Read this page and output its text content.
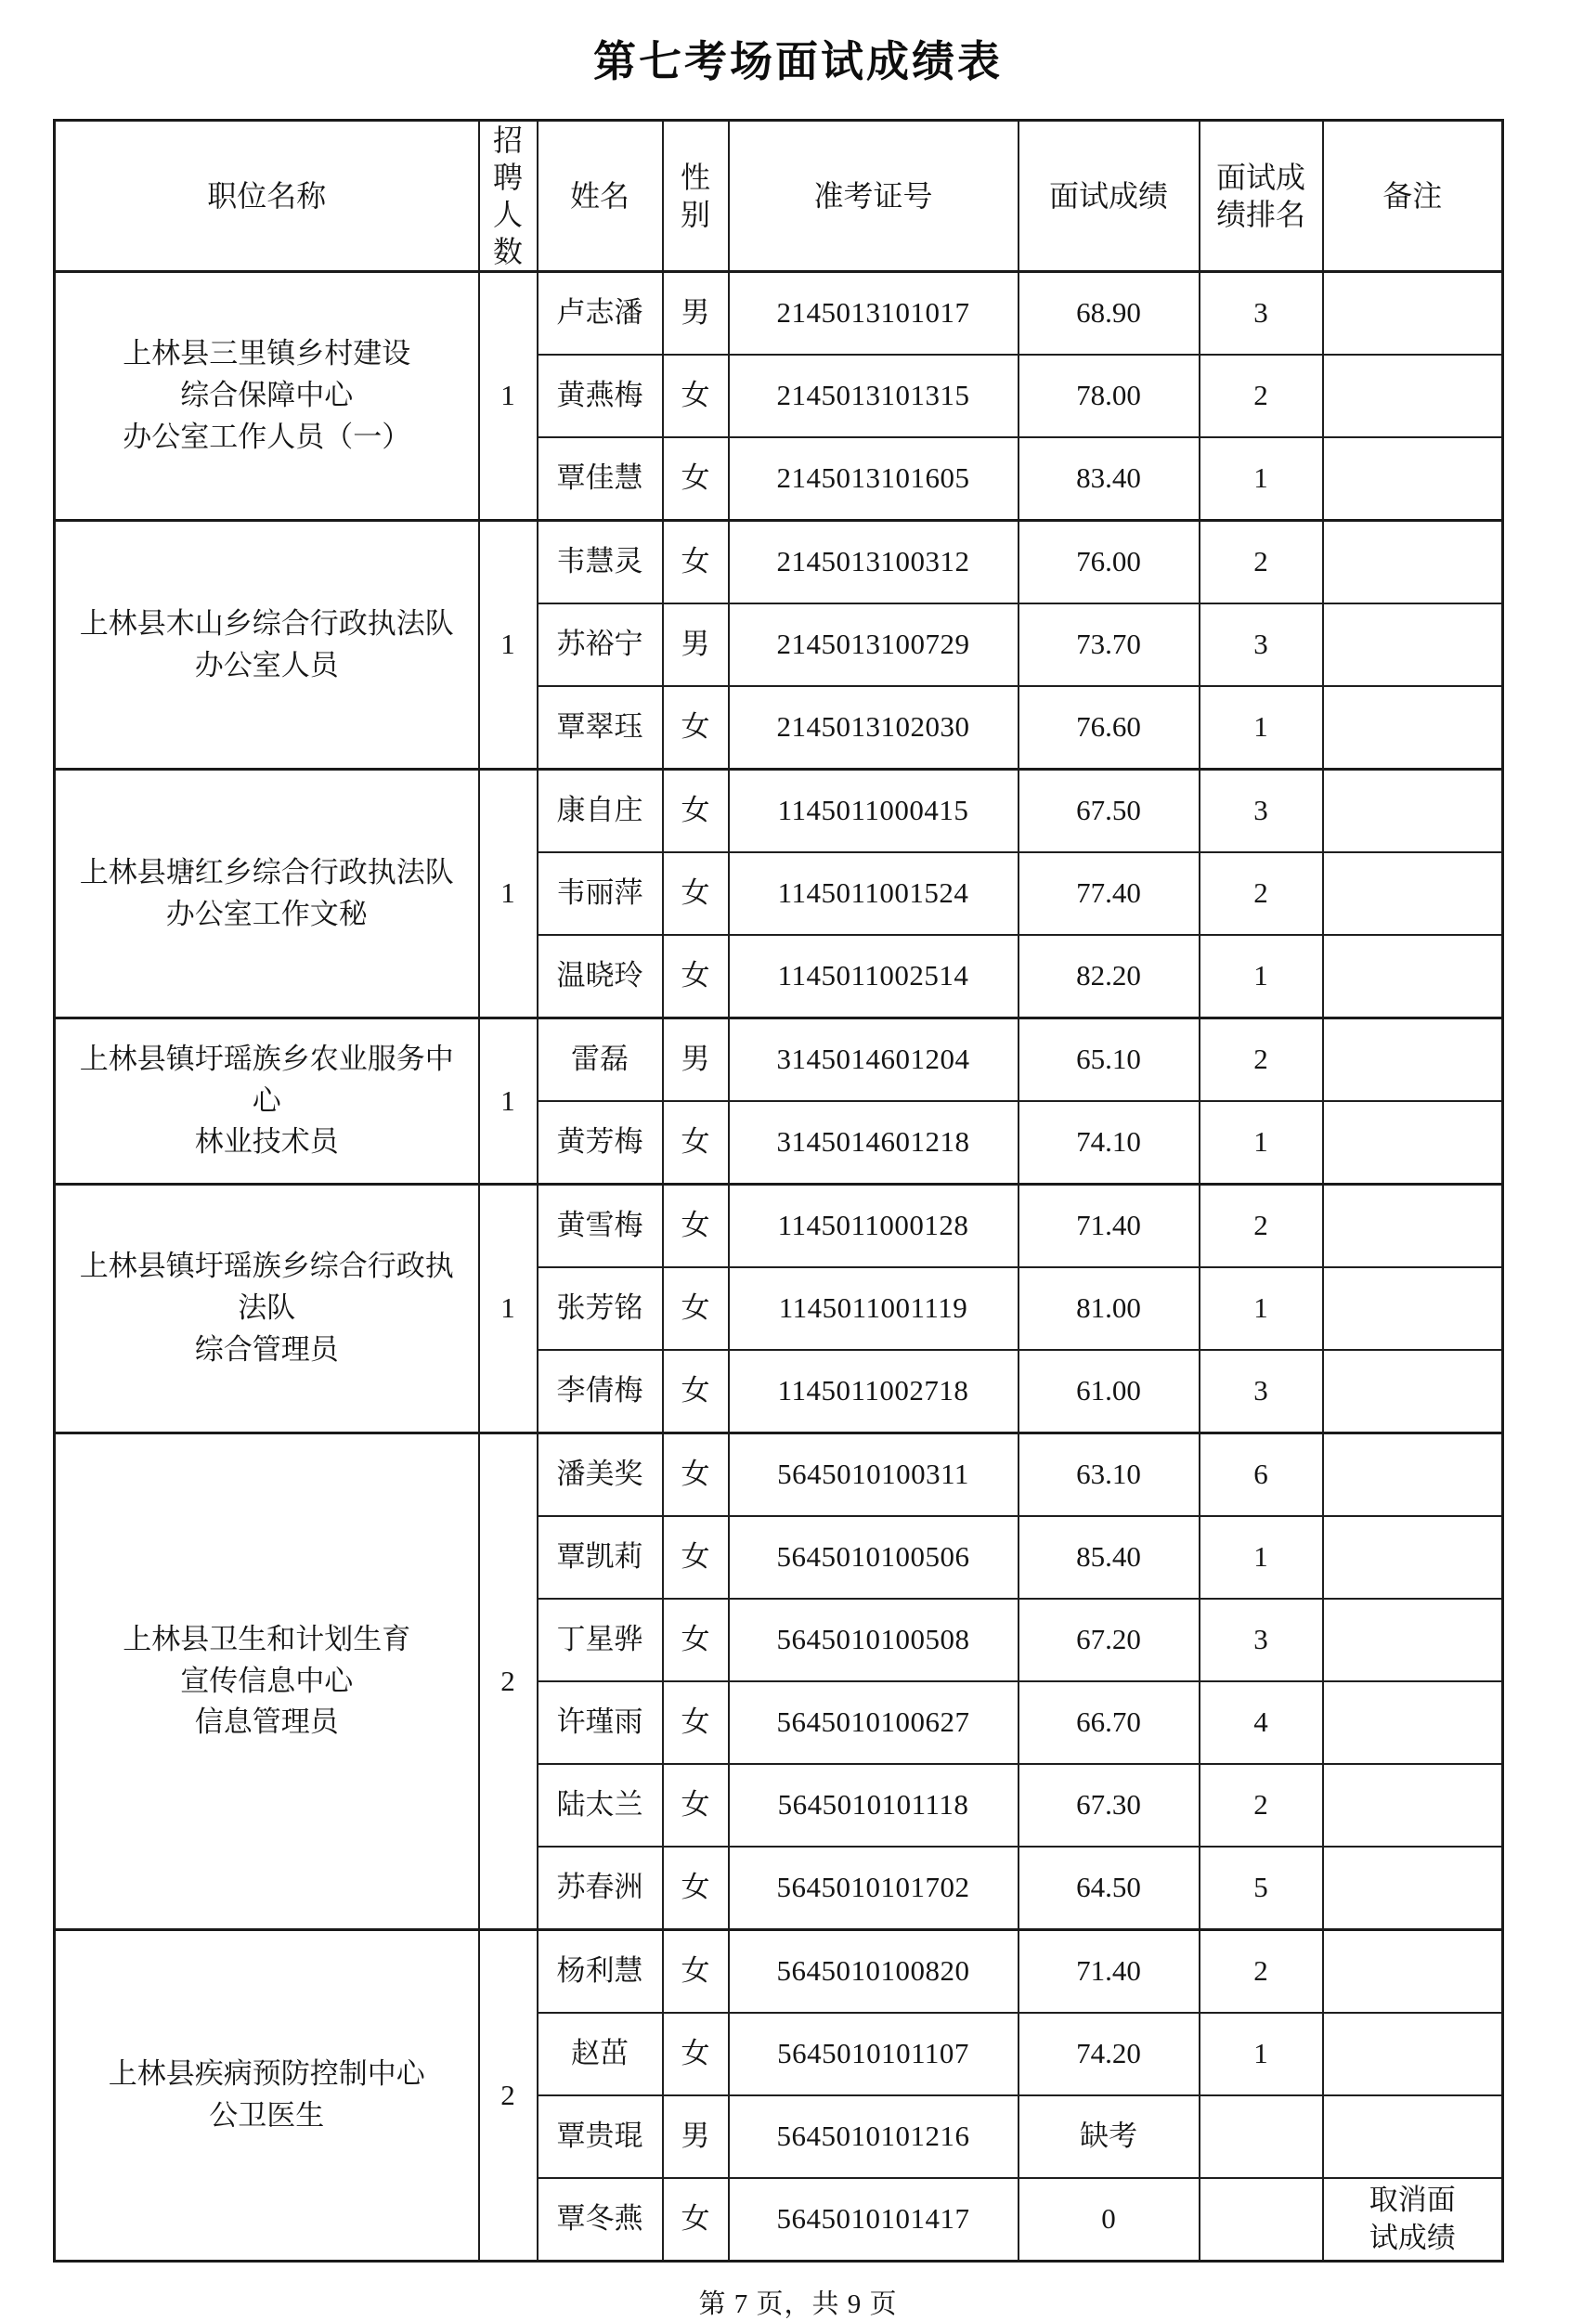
第七考场面试成绩表
职位名称	招聘人数	姓名	性别	准考证号	面试成绩	面试成绩排名	备注

上林县三里镇乡村建设
综合保障中心
办公室工作人员（一）	1	卢志潘	男	2145013101017	68.90	3	
		黄燕梅	女	2145013101315	78.00	2	
		覃佳慧	女	2145013101605	83.40	1	

上林县木山乡综合行政执法队
办公室人员	1	韦慧灵	女	2145013100312	76.00	2	
		苏裕宁	男	2145013100729	73.70	3	
		覃翠珏	女	2145013102030	76.60	1	

上林县塘红乡综合行政执法队
办公室工作文秘	1	康自庄	女	1145011000415	67.50	3	
		韦丽萍	女	1145011001524	77.40	2	
		温晓玲	女	1145011002514	82.20	1	

上林县镇圩瑶族乡农业服务中心
林业技术员	1	雷磊	男	3145014601204	65.10	2	
		黄芳梅	女	3145014601218	74.10	1	

上林县镇圩瑶族乡综合行政执法队
综合管理员	1	黄雪梅	女	1145011000128	71.40	2	
		张芳铭	女	1145011001119	81.00	1	
		李倩梅	女	1145011002718	61.00	3	

上林县卫生和计划生育
宣传信息中心
信息管理员	2	潘美奖	女	5645010100311	63.10	6	
		覃凯莉	女	5645010100506	85.40	1	
		丁星骅	女	5645010100508	67.20	3	
		许瑾雨	女	5645010100627	66.70	4	
		陆太兰	女	5645010101118	67.30	2	
		苏春洲	女	5645010101702	64.50	5	

上林县疾病预防控制中心
公卫医生	2	杨利慧	女	5645010100820	71.40	2	
		赵茁	女	5645010101107	74.20	1	
		覃贵琨	男	5645010101216	缺考		
		覃冬燕	女	5645010101417	0		取消面试成绩
第 7 页，共 9 页
